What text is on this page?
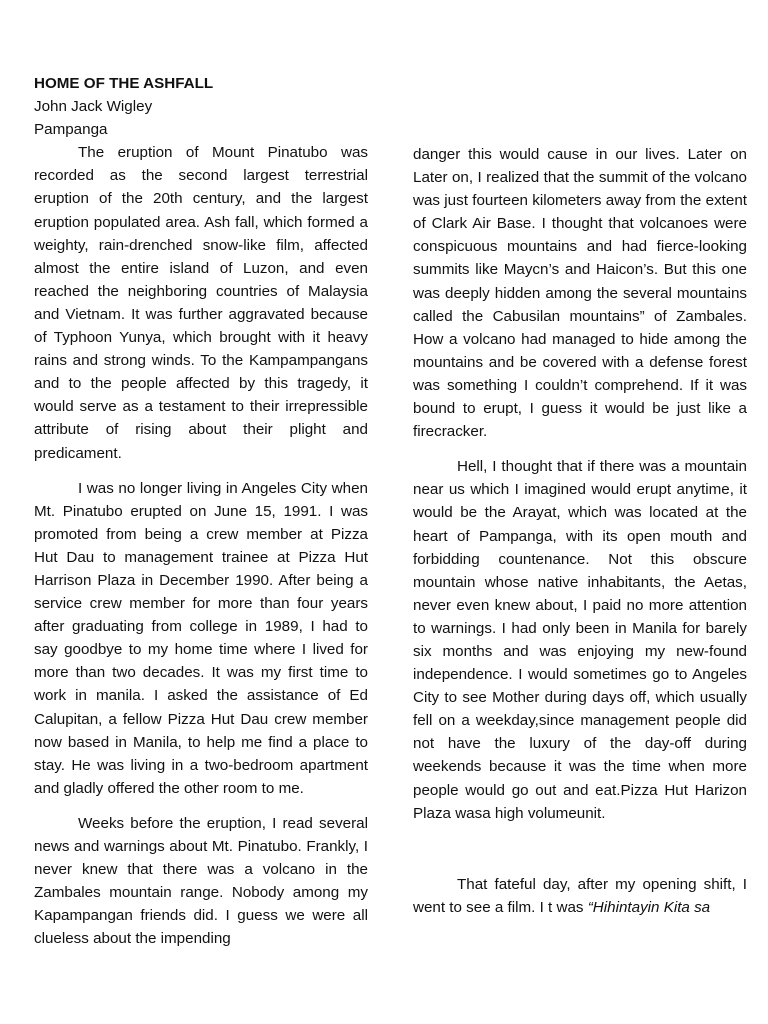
HOME OF THE ASHFALL
John Jack Wigley
Pampanga

The eruption of Mount Pinatubo was recorded as the second largest terrestrial eruption of the 20th century, and the largest eruption populated area. Ash fall, which formed a weighty, rain-drenched snow-like film, affected almost the entire island of Luzon, and even reached the neighboring countries of Malaysia and Vietnam. It was further aggravated because of Typhoon Yunya, which brought with it heavy rains and strong winds. To the Kampampangans and to the people affected by this tragedy, it would serve as a testament to their irrepressible attribute of rising about their plight and predicament.

I was no longer living in Angeles City when Mt. Pinatubo erupted on June 15, 1991. I was promoted from being a crew member at Pizza Hut Dau to management trainee at Pizza Hut Harrison Plaza in December 1990. After being a service crew member for more than four years after graduating from college in 1989, I had to say goodbye to my home time where I lived for more than two decades. It was my first time to work in manila. I asked the assistance of Ed Calupitan, a fellow Pizza Hut Dau crew member now based in Manila, to help me find a place to stay. He was living in a two-bedroom apartment and gladly offered the other room to me.

Weeks before the eruption, I read several news and warnings about Mt. Pinatubo. Frankly, I never knew that there was a volcano in the Zambales mountain range. Nobody among my Kapampangan friends did. I guess we were all clueless about the impending

danger this would cause in our lives. Later on Later on, I realized that the summit of the volcano was just fourteen kilometers away from the extent of Clark Air Base. I thought that volcanoes were conspicuous mountains and had fierce-looking summits like Maycn’s and Haicon’s. But this one was deeply hidden among the several mountains called the Cabusilan mountains” of Zambales. How a volcano had managed to hide among the mountains and be covered with a defense forest was something I couldn’t comprehend. If it was bound to erupt, I guess it would be just like a firecracker.

Hell, I thought that if there was a mountain near us which I imagined would erupt anytime, it would be the Arayat, which was located at the heart of Pampanga, with its open mouth and forbidding countenance. Not this obscure mountain whose native inhabitants, the Aetas, never even knew about, I paid no more attention to warnings. I had only been in Manila for barely six months and was enjoying my new-found independence. I would sometimes go to Angeles City to see Mother during days off, which usually fell on a weekday,since management people did not have the luxury of the day-off during weekends because it was the time when more people would go out and eat.Pizza Hut Harizon Plaza wasa high volumeunit.

That fateful day, after my opening shift, I went to see a film. I t was “Hihintayin Kita sa
